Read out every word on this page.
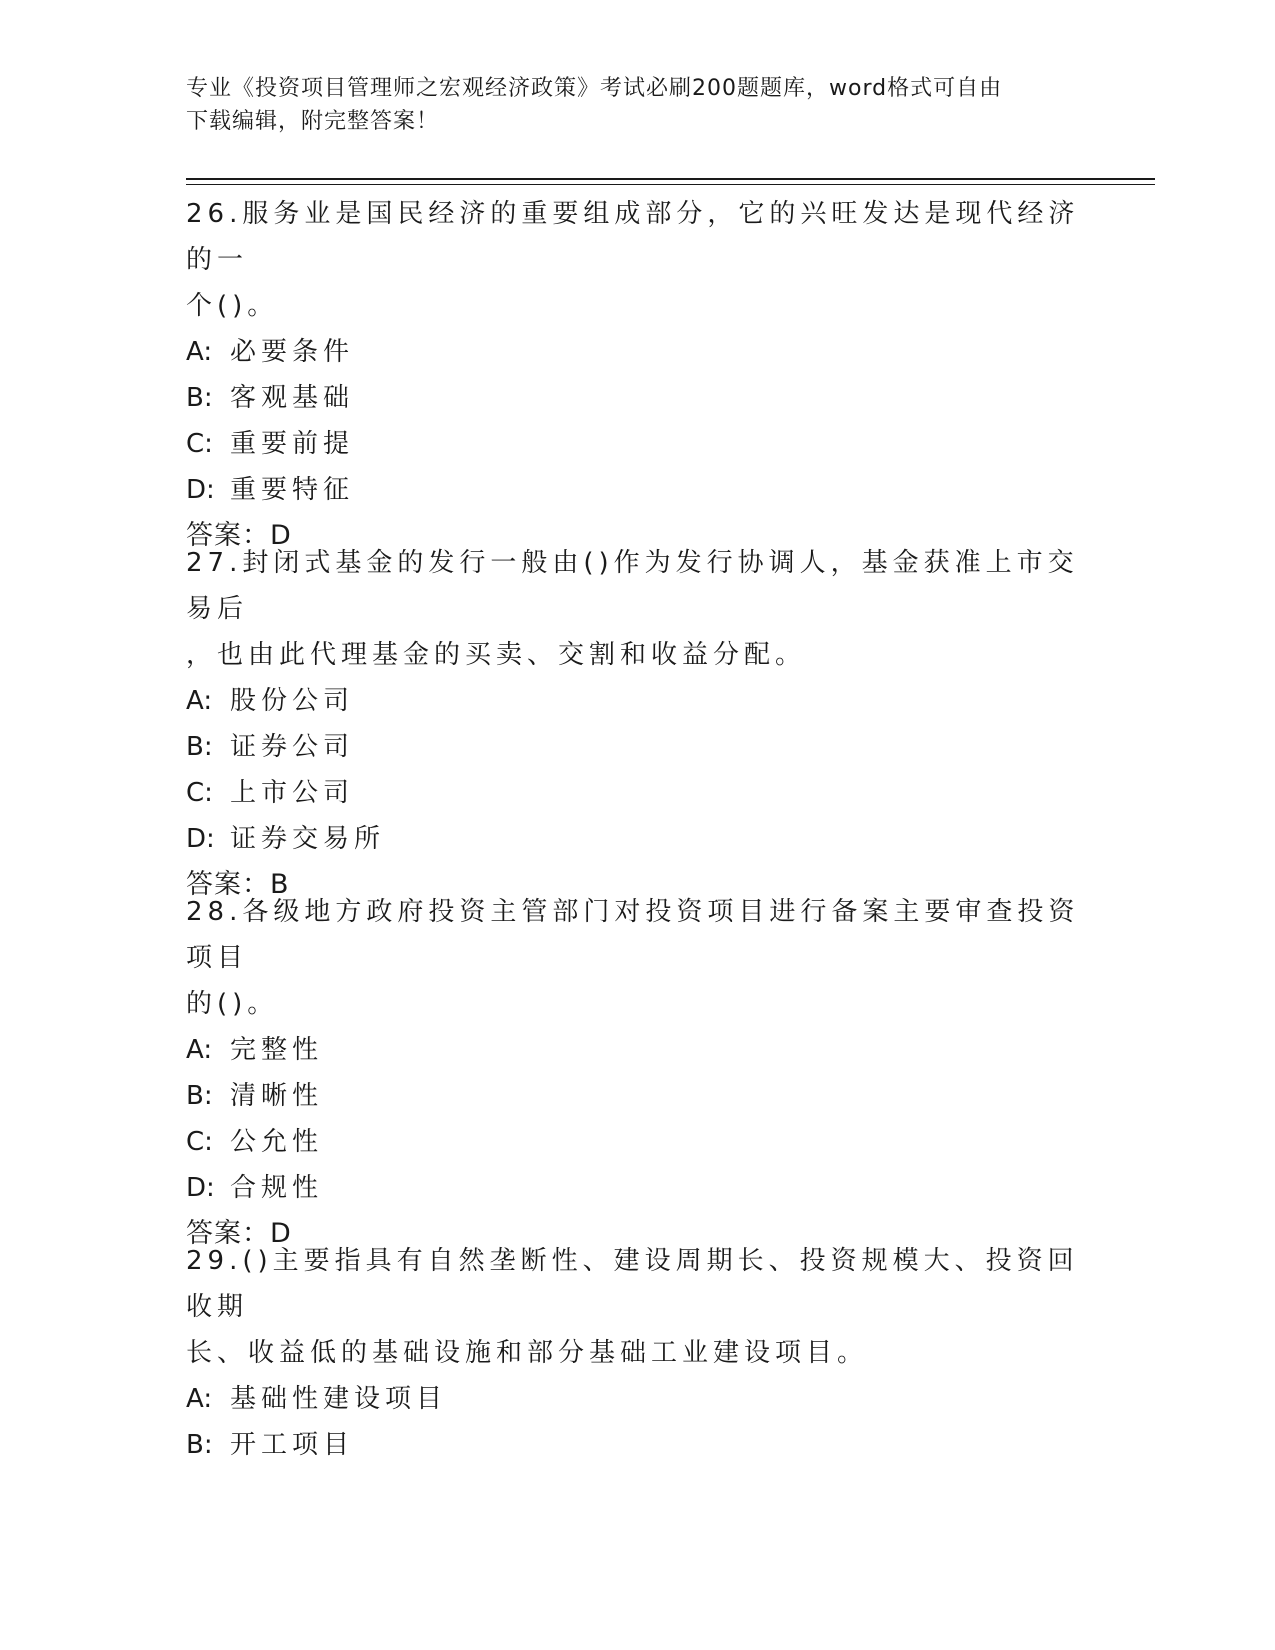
专业《投资项目管理师之宏观经济政策》考试必刷200题题库，word格式可自由
下载编辑，附完整答案！

26.服务业是国民经济的重要组成部分，它的兴旺发达是现代经济的一

个()。

A: 必要条件

B: 客观基础

C: 重要前提

D: 重要特征

答案：D

27.封闭式基金的发行一般由()作为发行协调人，基金获准上市交易后

，也由此代理基金的买卖、交割和收益分配。

A: 股份公司

B: 证券公司

C: 上市公司

D: 证券交易所

答案：B

28.各级地方政府投资主管部门对投资项目进行备案主要审查投资项目

的()。

A: 完整性

B: 清晰性

C: 公允性

D: 合规性

答案：D

29.()主要指具有自然垄断性、建设周期长、投资规模大、投资回收期

长、收益低的基础设施和部分基础工业建设项目。

A: 基础性建设项目

B: 开工项目
